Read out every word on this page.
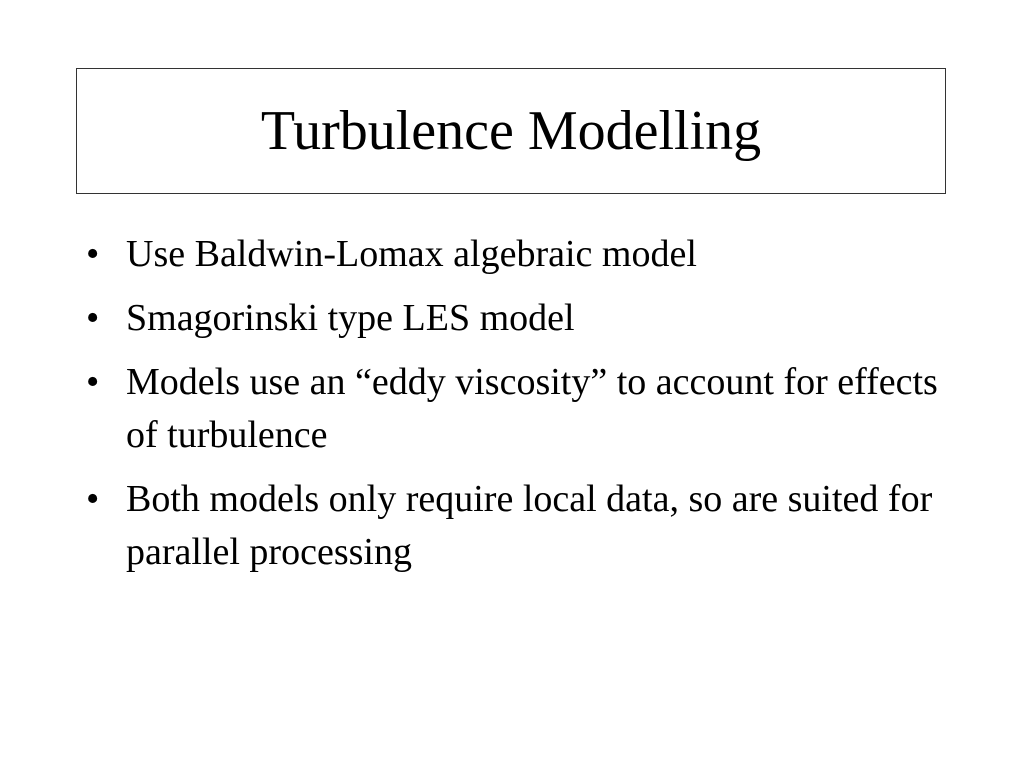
Turbulence Modelling
• Use Baldwin-Lomax algebraic model
• Smagorinski type LES model
• Models use an “eddy viscosity” to account for effects of turbulence
• Both models only require local data, so are suited for parallel processing
